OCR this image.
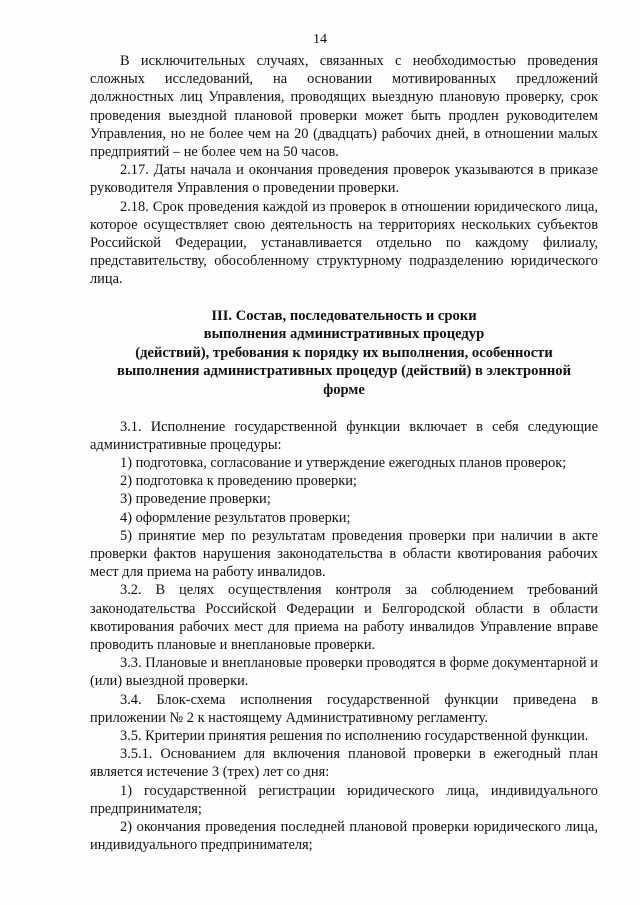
14

В исключительных случаях, связанных с необходимостью проведения сложных исследований, на основании мотивированных предложений должностных лиц Управления, проводящих выездную плановую проверку, срок проведения выездной плановой проверки может быть продлен руководителем Управления, но не более чем на 20 (двадцать) рабочих дней, в отношении малых предприятий – не более чем на 50 часов.

2.17. Даты начала и окончания проведения проверок указываются в приказе руководителя Управления о проведении проверки.

2.18. Срок проведения каждой из проверок в отношении юридического лица, которое осуществляет свою деятельность на территориях нескольких субъектов Российской Федерации, устанавливается отдельно по каждому филиалу, представительству, обособленному структурному подразделению юридического лица.

III. Состав, последовательность и сроки
выполнения административных процедур
(действий), требования к порядку их выполнения, особенности
выполнения административных процедур (действий) в электронной
форме

3.1. Исполнение государственной функции включает в себя следующие административные процедуры:

1) подготовка, согласование и утверждение ежегодных планов проверок;

2) подготовка к проведению проверки;

3) проведение проверки;

4) оформление результатов проверки;

5) принятие мер по результатам проведения проверки при наличии в акте проверки фактов нарушения законодательства в области квотирования рабочих мест для приема на работу инвалидов.

3.2. В целях осуществления контроля за соблюдением требований законодательства Российской Федерации и Белгородской области в области квотирования рабочих мест для приема на работу инвалидов Управление вправе проводить плановые и внеплановые проверки.

3.3. Плановые и внеплановые проверки проводятся в форме документарной и (или) выездной проверки.

3.4. Блок-схема исполнения государственной функции приведена в приложении № 2 к настоящему Административному регламенту.

3.5. Критерии принятия решения по исполнению государственной функции.

3.5.1. Основанием для включения плановой проверки в ежегодный план является истечение 3 (трех) лет со дня:

1) государственной регистрации юридического лица, индивидуального предпринимателя;

2) окончания проведения последней плановой проверки юридического лица, индивидуального предпринимателя;
